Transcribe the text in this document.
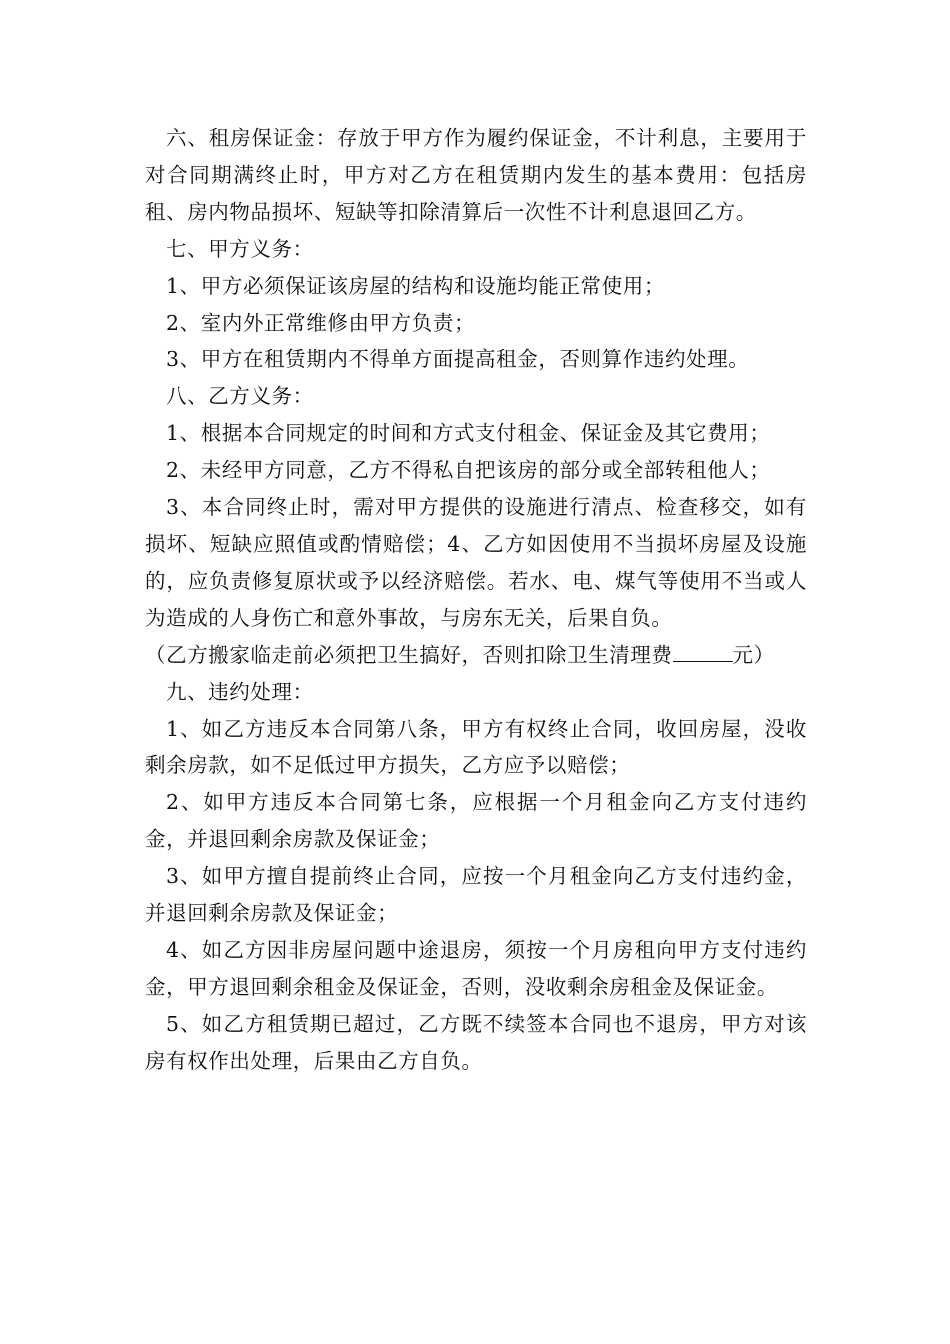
六、租房保证金：存放于甲方作为履约保证金，不计利息，主要用于对合同期满终止时，甲方对乙方在租赁期内发生的基本费用：包括房租、房内物品损坏、短缺等扣除清算后一次性不计利息退回乙方。

七、甲方义务：

1、甲方必须保证该房屋的结构和设施均能正常使用；

2、室内外正常维修由甲方负责；

3、甲方在租赁期内不得单方面提高租金，否则算作违约处理。

八、乙方义务：

1、根据本合同规定的时间和方式支付租金、保证金及其它费用；

2、未经甲方同意，乙方不得私自把该房的部分或全部转租他人；

3、本合同终止时，需对甲方提供的设施进行清点、检查移交，如有损坏、短缺应照值或酌情赔偿；4、乙方如因使用不当损坏房屋及设施的，应负责修复原状或予以经济赔偿。若水、电、煤气等使用不当或人为造成的人身伤亡和意外事故，与房东无关，后果自负。

（乙方搬家临走前必须把卫生搞好，否则扣除卫生清理费	元）

九、违约处理：

1、如乙方违反本合同第八条，甲方有权终止合同，收回房屋，没收剩余房款，如不足低过甲方损失，乙方应予以赔偿；

2、如甲方违反本合同第七条，应根据一个月租金向乙方支付违约金，并退回剩余房款及保证金；

3、如甲方擅自提前终止合同，应按一个月租金向乙方支付违约金，并退回剩余房款及保证金；

4、如乙方因非房屋问题中途退房，须按一个月房租向甲方支付违约金，甲方退回剩余租金及保证金，否则，没收剩余房租金及保证金。

5、如乙方租赁期已超过，乙方既不续签本合同也不退房，甲方对该房有权作出处理，后果由乙方自负。
